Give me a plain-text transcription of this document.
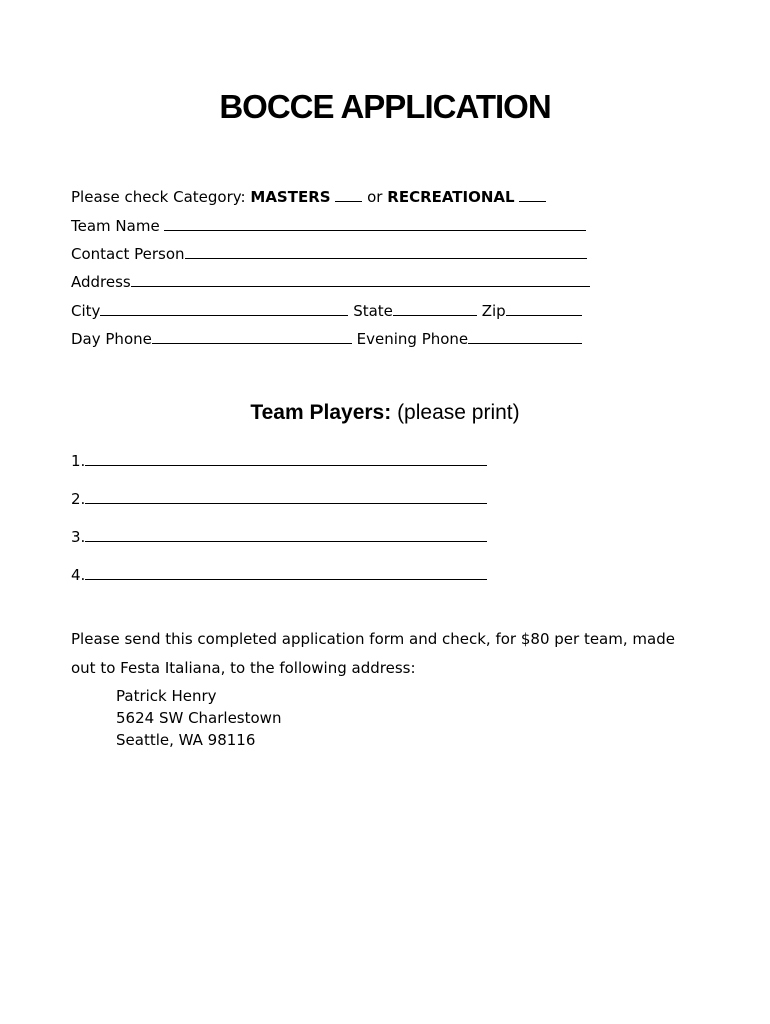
BOCCE APPLICATION
Please check Category: MASTERS or RECREATIONAL
Team Name
Contact Person
Address
City	State	Zip
Day Phone	Evening Phone
Team Players: (please print)
1.
2.
3.
4.
Please send this completed application form and check, for $80 per team, made
out to Festa Italiana, to the following address:
Patrick Henry
5624 SW Charlestown
Seattle, WA 98116
